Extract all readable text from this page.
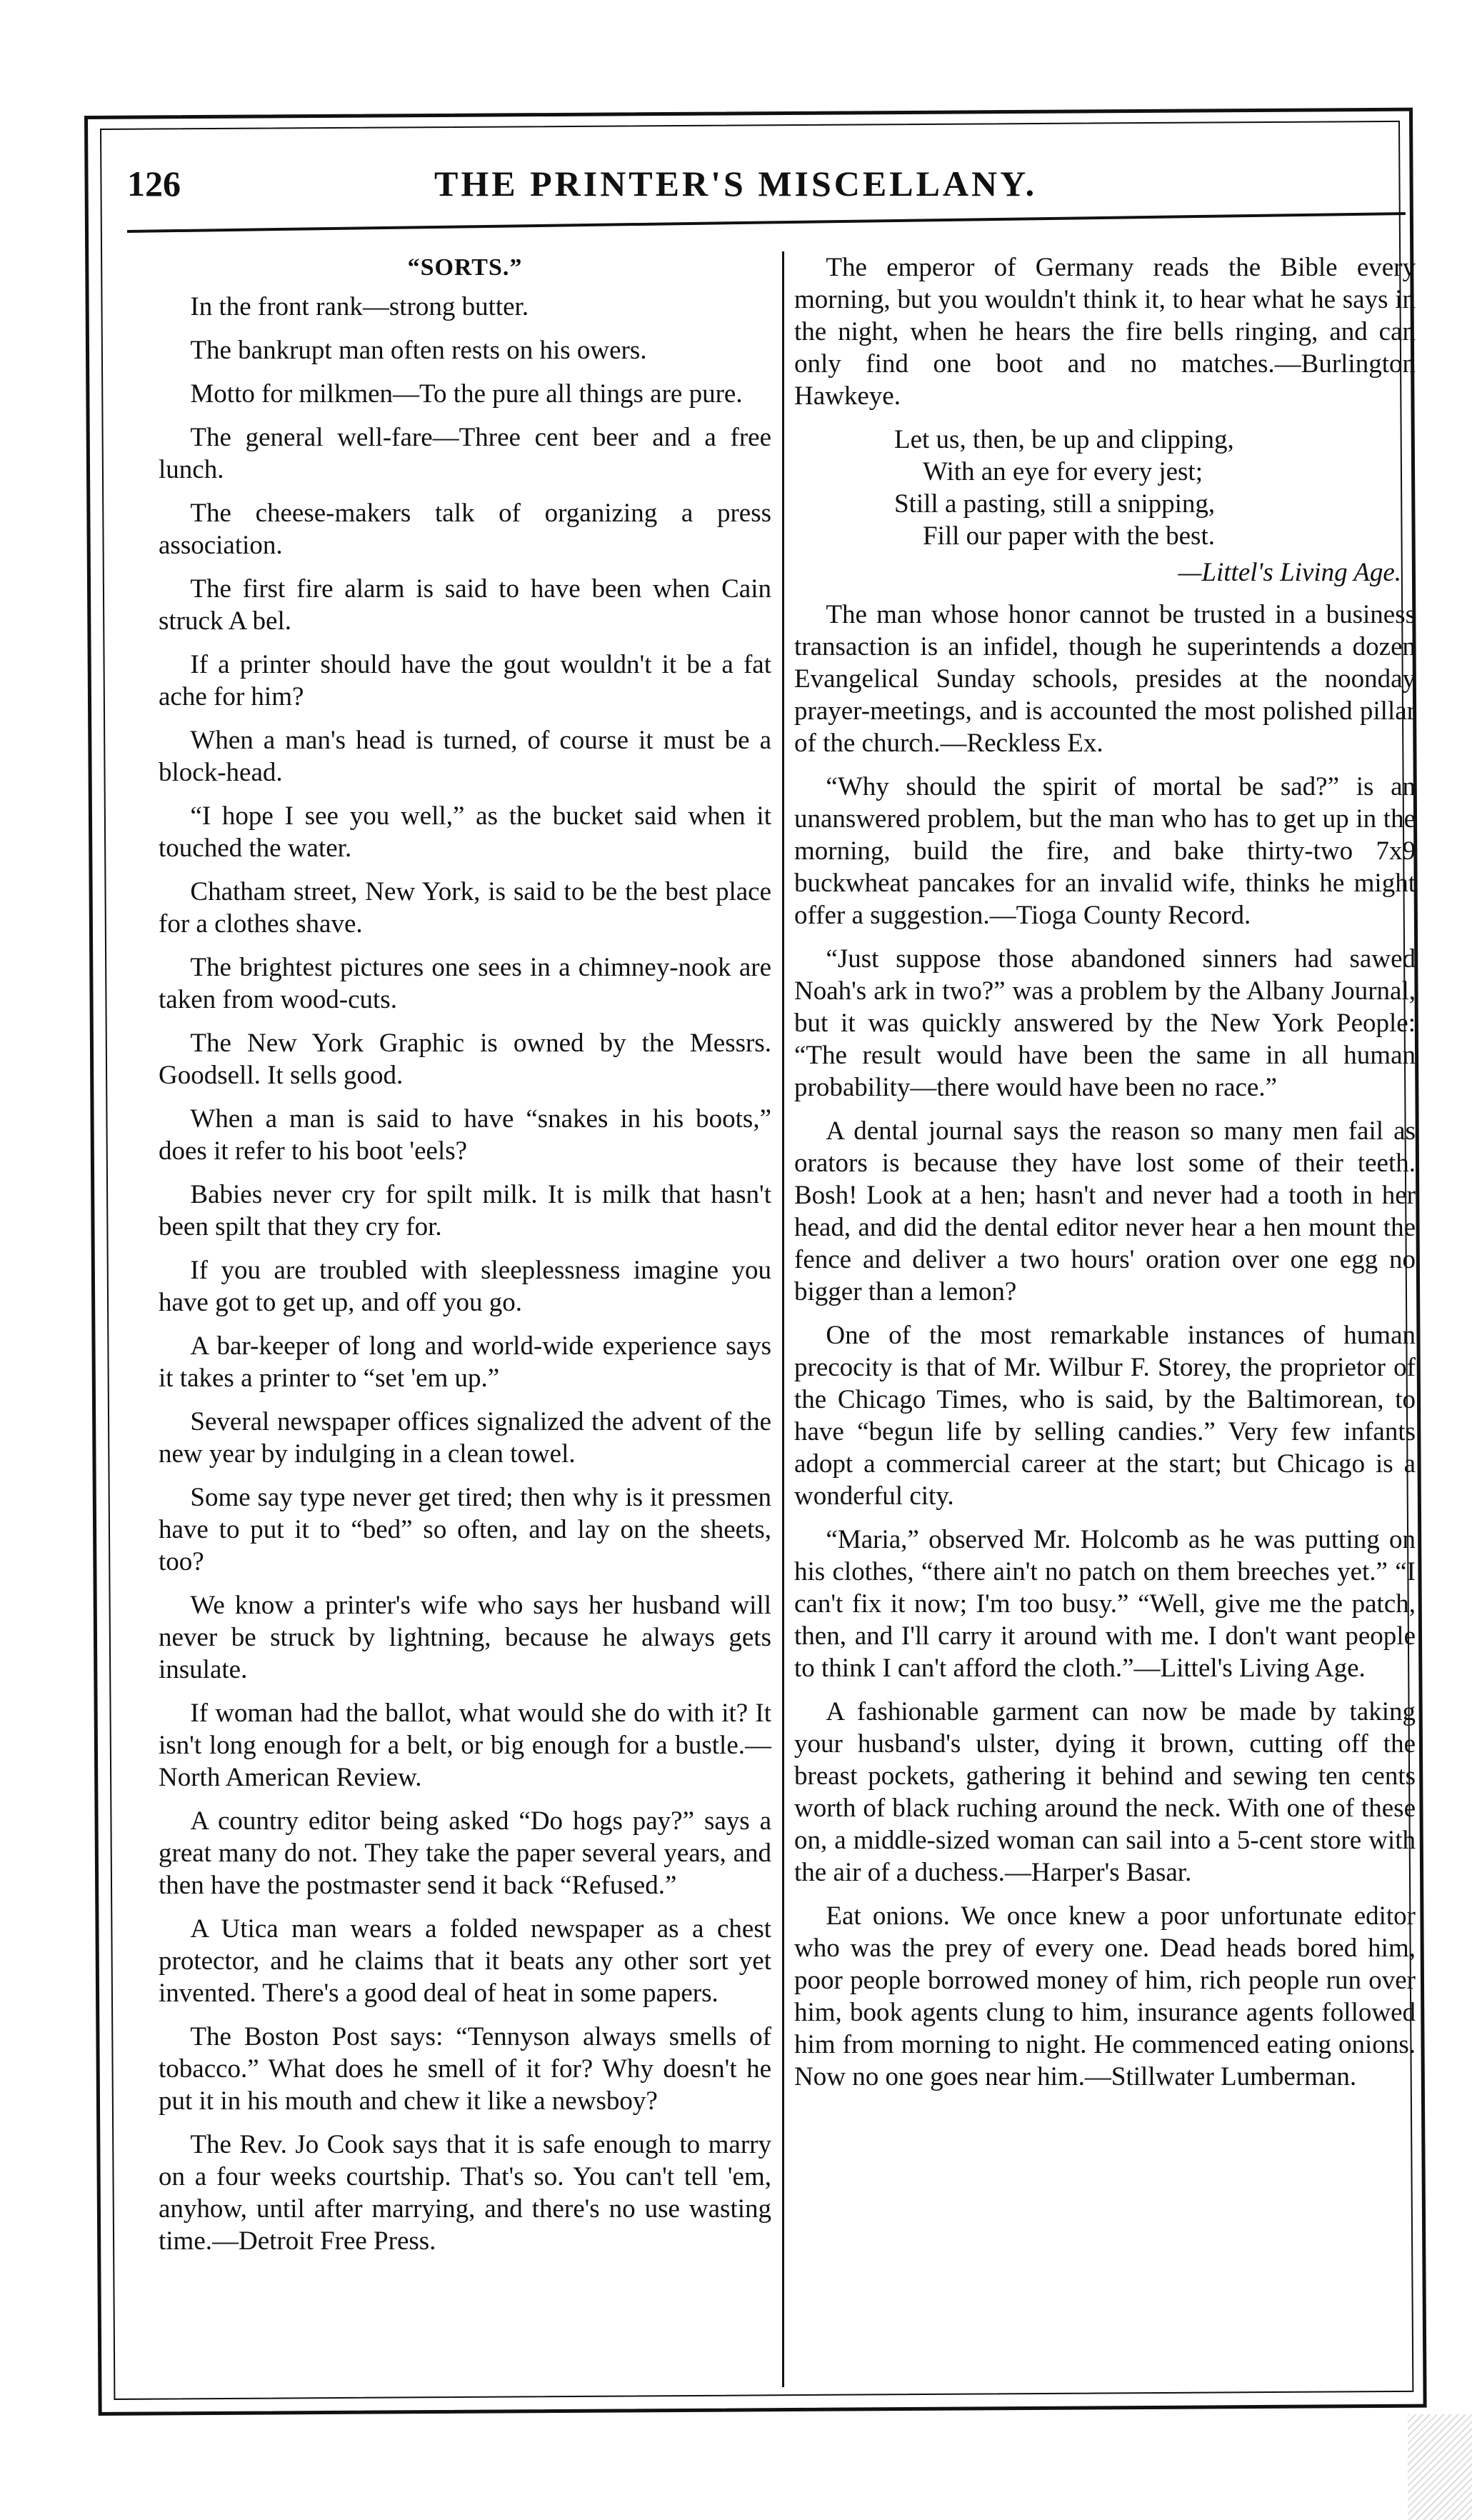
126	THE PRINTER'S MISCELLANY.
“SORTS.”

In the front rank—strong butter.

The bankrupt man often rests on his owers.

Motto for milkmen—To the pure all things are pure.

The general well-fare—Three cent beer and a free lunch.

The cheese-makers talk of organizing a press association.

The first fire alarm is said to have been when Cain struck A bel.

If a printer should have the gout wouldn't it be a fat ache for him?

When a man's head is turned, of course it must be a block-head.

“I hope I see you well,” as the bucket said when it touched the water.

Chatham street, New York, is said to be the best place for a clothes shave.

The brightest pictures one sees in a chimney-nook are taken from wood-cuts.

The New York Graphic is owned by the Messrs. Goodsell. It sells good.

When a man is said to have “snakes in his boots,” does it refer to his boot 'eels?

Babies never cry for spilt milk. It is milk that hasn't been spilt that they cry for.

If you are troubled with sleeplessness imagine you have got to get up, and off you go.

A bar-keeper of long and world-wide experience says it takes a printer to “set 'em up.”

Several newspaper offices signalized the advent of the new year by indulging in a clean towel.

Some say type never get tired; then why is it pressmen have to put it to “bed” so often, and lay on the sheets, too?

We know a printer's wife who says her husband will never be struck by lightning, because he always gets insulate.

If woman had the ballot, what would she do with it? It isn't long enough for a belt, or big enough for a bustle.—North American Review.

A country editor being asked “Do hogs pay?” says a great many do not. They take the paper several years, and then have the postmaster send it back “Refused.”

A Utica man wears a folded newspaper as a chest protector, and he claims that it beats any other sort yet invented. There's a good deal of heat in some papers.

The Boston Post says: “Tennyson always smells of tobacco.” What does he smell of it for? Why doesn't he put it in his mouth and chew it like a newsboy?

The Rev. Jo Cook says that it is safe enough to marry on a four weeks courtship. That's so. You can't tell 'em, anyhow, until after marrying, and there's no use wasting time.—Detroit Free Press.

The emperor of Germany reads the Bible every morning, but you wouldn't think it, to hear what he says in the night, when he hears the fire bells ringing, and can only find one boot and no matches.—Burlington Hawkeye.

Let us, then, be up and clipping,
With an eye for every jest;
Still a pasting, still a snipping,
Fill our paper with the best.
—Littel's Living Age.

The man whose honor cannot be trusted in a business transaction is an infidel, though he superintends a dozen Evangelical Sunday schools, presides at the noonday prayer-meetings, and is accounted the most polished pillar of the church.—Reckless Ex.

“Why should the spirit of mortal be sad?” is an unanswered problem, but the man who has to get up in the morning, build the fire, and bake thirty-two 7x9 buckwheat pancakes for an invalid wife, thinks he might offer a suggestion.—Tioga County Record.

“Just suppose those abandoned sinners had sawed Noah's ark in two?” was a problem by the Albany Journal, but it was quickly answered by the New York People: “The result would have been the same in all human probability—there would have been no race.”

A dental journal says the reason so many men fail as orators is because they have lost some of their teeth. Bosh! Look at a hen; hasn't and never had a tooth in her head, and did the dental editor never hear a hen mount the fence and deliver a two hours' oration over one egg no bigger than a lemon?

One of the most remarkable instances of human precocity is that of Mr. Wilbur F. Storey, the proprietor of the Chicago Times, who is said, by the Baltimorean, to have “begun life by selling candies.” Very few infants adopt a commercial career at the start; but Chicago is a wonderful city.

“Maria,” observed Mr. Holcomb as he was putting on his clothes, “there ain't no patch on them breeches yet.” “I can't fix it now; I'm too busy.” “Well, give me the patch, then, and I'll carry it around with me. I don't want people to think I can't afford the cloth.”—Littel's Living Age.

A fashionable garment can now be made by taking your husband's ulster, dying it brown, cutting off the breast pockets, gathering it behind and sewing ten cents worth of black ruching around the neck. With one of these on, a middle-sized woman can sail into a 5-cent store with the air of a duchess.—Harper's Basar.

Eat onions. We once knew a poor unfortunate editor who was the prey of every one. Dead heads bored him, poor people borrowed money of him, rich people run over him, book agents clung to him, insurance agents followed him from morning to night. He commenced eating onions. Now no one goes near him.—Stillwater Lumberman.
